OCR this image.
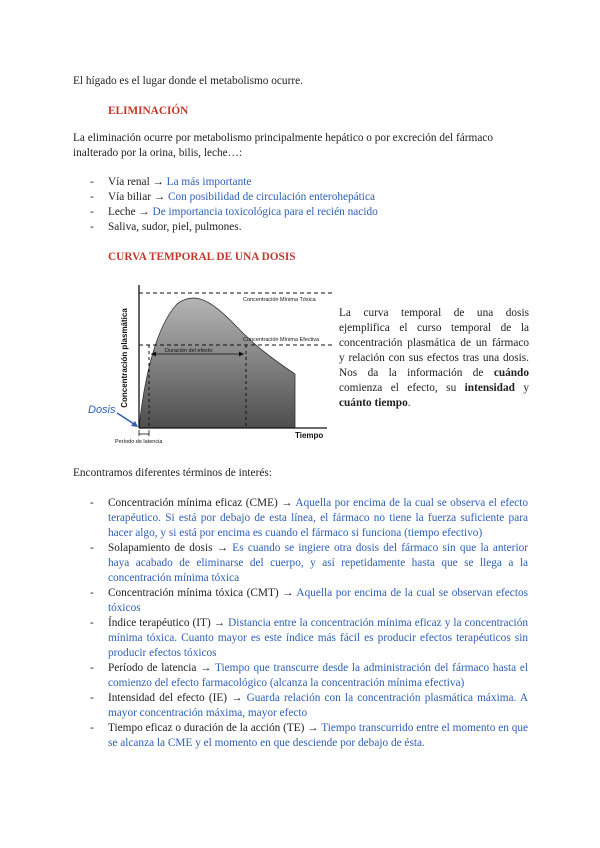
El hígado es el lugar donde el metabolismo ocurre.

ELIMINACIÓN

La eliminación ocurre por metabolismo principalmente hepático o por excreción del fármaco inalterado por la orina, bilis, leche…:

- Vía renal → La más importante
- Vía biliar → Con posibilidad de circulación enterohepática
- Leche → De importancia toxicológica para el recién nacido
- Saliva, sudor, piel, pulmones.

CURVA TEMPORAL DE UNA DOSIS

Concentración plasmática
Tiempo
Concentración Mínima Tóxica
Concentración Mínima Efectiva
Duración del efecto
Dosis
Período de latencia

La curva temporal de una dosis ejemplifica el curso temporal de la concentración plasmática de un fármaco y relación con sus efectos tras una dosis. Nos da la información de cuándo comienza el efecto, su intensidad y cuánto tiempo.

Encontramos diferentes términos de interés:

- Concentración mínima eficaz (CME) → Aquella por encima de la cual se observa el efecto terapéutico. Si está por debajo de esta línea, el fármaco no tiene la fuerza suficiente para hacer algo, y si está por encima es cuando el fármaco si funciona (tiempo efectivo)
- Solapamiento de dosis → Es cuando se ingiere otra dosis del fármaco sin que la anterior haya acabado de eliminarse del cuerpo, y así repetidamente hasta que se llega a la concentración mínima tóxica
- Concentración mínima tóxica (CMT) → Aquella por encima de la cual se observan efectos tóxicos
- Índice terapéutico (IT) → Distancia entre la concentración mínima eficaz y la concentración mínima tóxica. Cuanto mayor es este índice más fácil es producir efectos terapéuticos sin producir efectos tóxicos
- Período de latencia → Tiempo que transcurre desde la administración del fármaco hasta el comienzo del efecto farmacológico (alcanza la concentración mínima efectiva)
- Intensidad del efecto (IE) → Guarda relación con la concentración plasmática máxima. A mayor concentración máxima, mayor efecto
- Tiempo eficaz o duración de la acción (TE) → Tiempo transcurrido entre el momento en que se alcanza la CME y el momento en que desciende por debajo de ésta.
